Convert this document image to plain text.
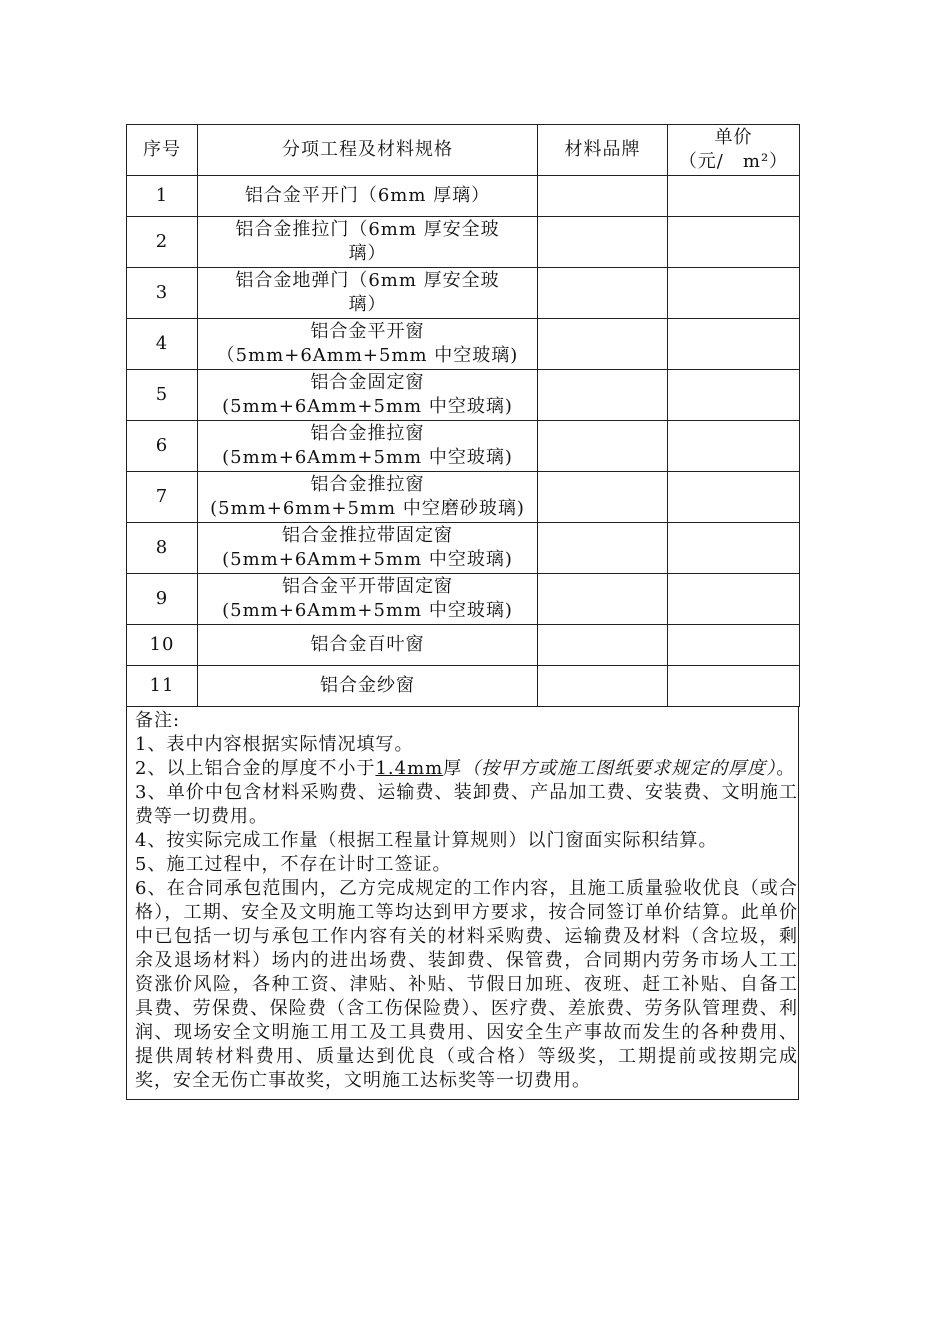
序号	分项工程及材料规格	材料品牌	单价
（元/　m²）

1	铝合金平开门（6mm 厚璃）		

2	铝合金推拉门（6mm 厚安全玻
璃）		

3	铝合金地弹门（6mm 厚安全玻
璃）		

4	铝合金平开窗
（5mm+6Amm+5mm 中空玻璃)		

5	铝合金固定窗
(5mm+6Amm+5mm 中空玻璃)		

6	铝合金推拉窗
(5mm+6Amm+5mm 中空玻璃)		

7	铝合金推拉窗
(5mm+6mm+5mm 中空磨砂玻璃)		

8	铝合金推拉带固定窗
(5mm+6Amm+5mm 中空玻璃)		

9	铝合金平开带固定窗
(5mm+6Amm+5mm 中空玻璃)		

10	铝合金百叶窗		

11	铝合金纱窗		

备注:

1、表中内容根据实际情况填写。

2、以上铝合金的厚度不小于1.4mm厚（按甲方或施工图纸要求规定的厚度）。

3、单价中包含材料采购费、运输费、装卸费、产品加工费、安装费、文明施工费等一切费用。

4、按实际完成工作量（根据工程量计算规则）以门窗面实际积结算。

5、施工过程中，不存在计时工签证。

6、在合同承包范围内，乙方完成规定的工作内容，且施工质量验收优良（或合格），工期、安全及文明施工等均达到甲方要求，按合同签订单价结算。此单价中已包括一切与承包工作内容有关的材料采购费、运输费及材料（含垃圾，剩余及退场材料）场内的进出场费、装卸费、保管费，合同期内劳务市场人工工资涨价风险，各种工资、津贴、补贴、节假日加班、夜班、赶工补贴、自备工具费、劳保费、保险费（含工伤保险费）、医疗费、差旅费、劳务队管理费、利润、现场安全文明施工用工及工具费用、因安全生产事故而发生的各种费用、提供周转材料费用、质量达到优良（或合格）等级奖，工期提前或按期完成奖，安全无伤亡事故奖，文明施工达标奖等一切费用。
